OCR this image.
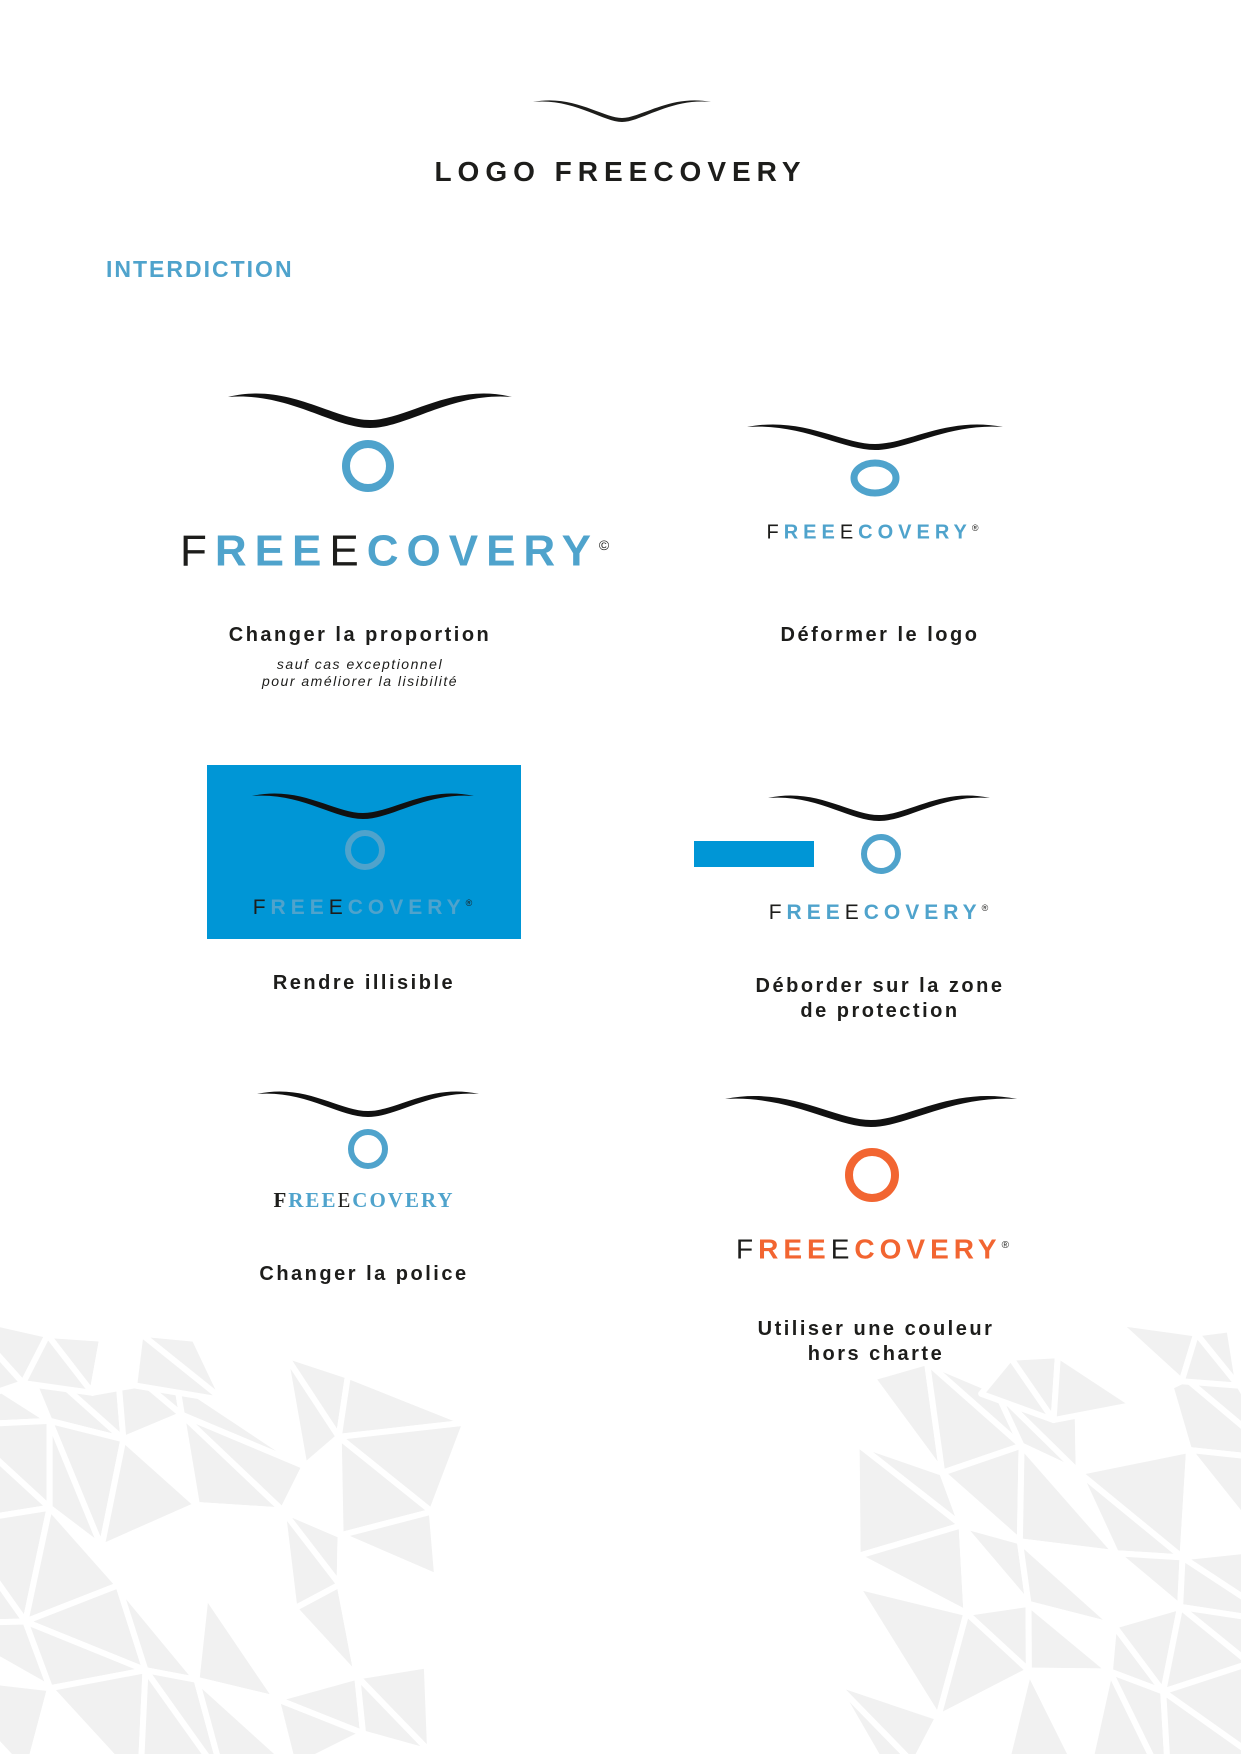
LOGO FREECOVERY
INTERDICTION
FREEECOVERY©
Changer la proportion
sauf cas exceptionnel
pour améliorer la lisibilité
FREEECOVERY®
Déformer le logo
FREEECOVERY®
Rendre illisible
FREEECOVERY®
Déborder sur la zone
de protection
FREEECOVERY
Changer la police
FREEECOVERY®
Utiliser une couleur
hors charte
